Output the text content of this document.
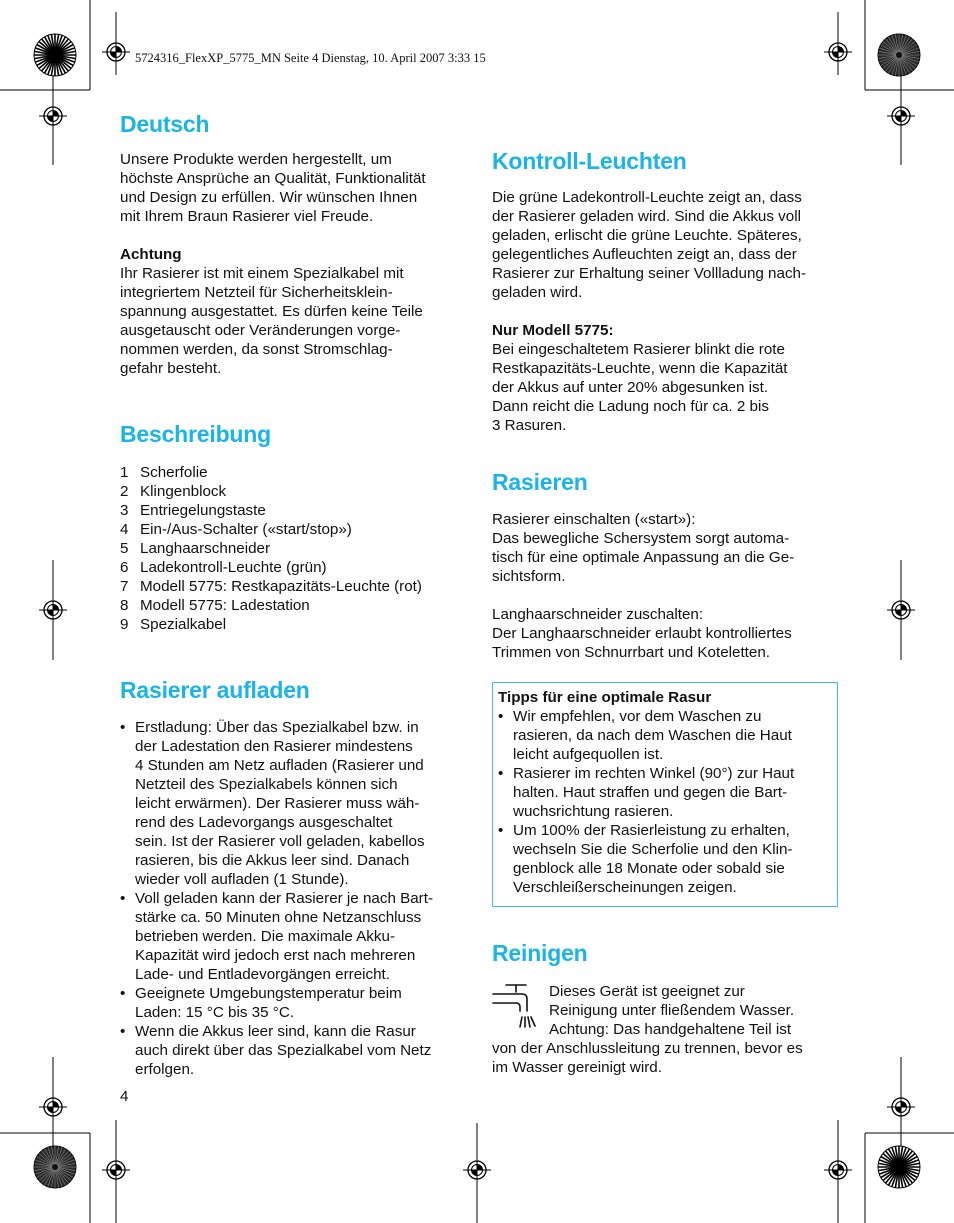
5724316_FlexXP_5775_MN Seite 4 Dienstag, 10. April 2007 3:33 15
Deutsch

Unsere Produkte werden hergestellt, um
höchste Ansprüche an Qualität, Funktionalität
und Design zu erfüllen. Wir wünschen Ihnen
mit Ihrem Braun Rasierer viel Freude.

Achtung

Ihr Rasierer ist mit einem Spezialkabel mit
integriertem Netzteil für Sicherheitsklein-
spannung ausgestattet. Es dürfen keine Teile
ausgetauscht oder Veränderungen vorge-
nommen werden, da sonst Stromschlag-
gefahr besteht.

Beschreibung
1 Scherfolie
2 Klingenblock
3 Entriegelungstaste
4 Ein-/Aus-Schalter («start/stop»)
5 Langhaarschneider
6 Ladekontroll-Leuchte (grün)
7 Modell 5775: Restkapazitäts-Leuchte (rot)
8 Modell 5775: Ladestation
9 Spezialkabel
Rasierer aufladen
• Erstladung: Über das Spezialkabel bzw. in
der Ladestation den Rasierer mindestens
4 Stunden am Netz aufladen (Rasierer und
Netzteil des Spezialkabels können sich
leicht erwärmen). Der Rasierer muss wäh-
rend des Ladevorgangs ausgeschaltet
sein. Ist der Rasierer voll geladen, kabellos
rasieren, bis die Akkus leer sind. Danach
wieder voll aufladen (1 Stunde).
• Voll geladen kann der Rasierer je nach Bart-
stärke ca. 50 Minuten ohne Netzanschluss
betrieben werden. Die maximale Akku-
Kapazität wird jedoch erst nach mehreren
Lade- und Entladevorgängen erreicht.
• Geeignete Umgebungstemperatur beim
Laden: 15 °C bis 35 °C.
• Wenn die Akkus leer sind, kann die Rasur
auch direkt über das Spezialkabel vom Netz
erfolgen.
4
Kontroll-Leuchten

Die grüne Ladekontroll-Leuchte zeigt an, dass
der Rasierer geladen wird. Sind die Akkus voll
geladen, erlischt die grüne Leuchte. Späteres,
gelegentliches Aufleuchten zeigt an, dass der
Rasierer zur Erhaltung seiner Vollladung nach-
geladen wird.

Nur Modell 5775:

Bei eingeschaltetem Rasierer blinkt die rote
Restkapazitäts-Leuchte, wenn die Kapazität
der Akkus auf unter 20% abgesunken ist.
Dann reicht die Ladung noch für ca. 2 bis
3 Rasuren.

Rasieren

Rasierer einschalten («start»):
Das bewegliche Schersystem sorgt automa-
tisch für eine optimale Anpassung an die Ge-
sichtsform.

Langhaarschneider zuschalten:
Der Langhaarschneider erlaubt kontrolliertes
Trimmen von Schnurrbart und Koteletten.

Tipps für eine optimale Rasur
• Wir empfehlen, vor dem Waschen zu
rasieren, da nach dem Waschen die Haut
leicht aufgequollen ist.
• Rasierer im rechten Winkel (90°) zur Haut
halten. Haut straffen und gegen die Bart-
wuchsrichtung rasieren.
• Um 100% der Rasierleistung zu erhalten,
wechseln Sie die Scherfolie und den Klin-
genblock alle 18 Monate oder sobald sie
Verschleißerscheinungen zeigen.
Reinigen

Dieses Gerät ist geeignet zur
Reinigung unter fließendem Wasser.
Achtung: Das handgehaltene Teil ist

von der Anschlussleitung zu trennen, bevor es
im Wasser gereinigt wird.
